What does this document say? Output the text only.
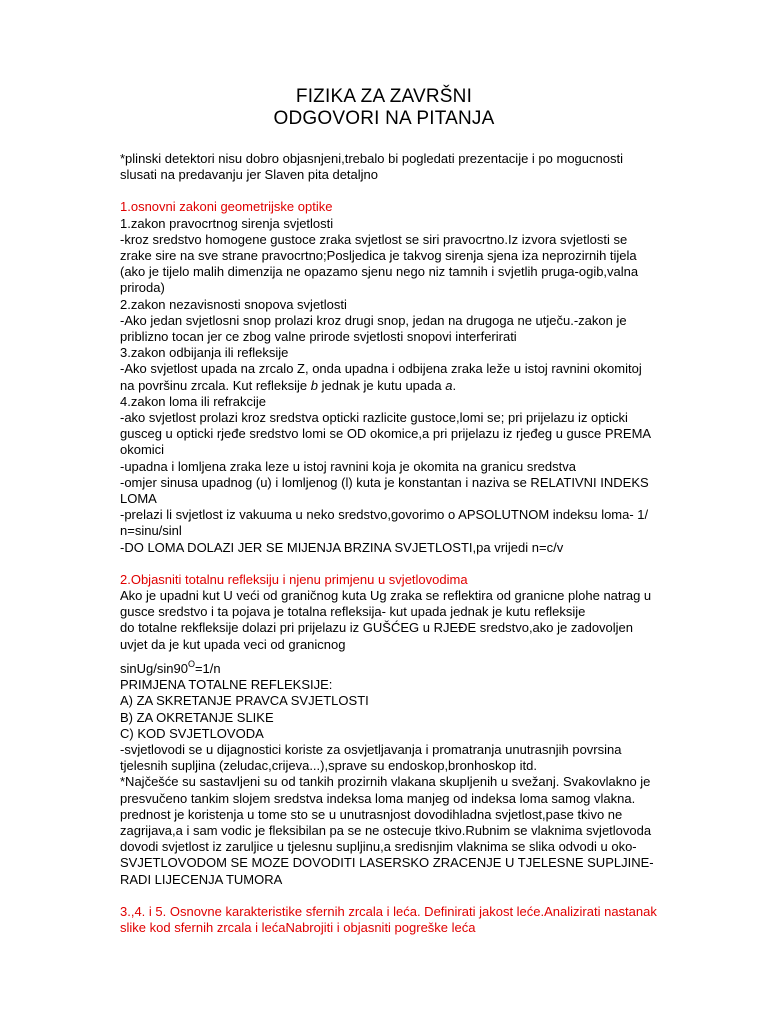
FIZIKA ZA ZAVRŠNI
ODGOVORI NA PITANJA
*plinski detektori nisu dobro objasnjeni,trebalo bi pogledati prezentacije i po mogucnosti
slusati na predavanju jer Slaven pita detaljno
1.osnovni zakoni geometrijske optike
1.zakon pravocrtnog sirenja svjetlosti
-kroz sredstvo homogene gustoce zraka svjetlost se siri pravocrtno.Iz izvora svjetlosti se
zrake sire na sve strane pravocrtno;Posljedica je takvog sirenja sjena iza neprozirnih tijela
(ako je tijelo malih dimenzija ne opazamo sjenu nego niz tamnih i svjetlih pruga-ogib,valna
priroda)
2.zakon nezavisnosti snopova svjetlosti
-Ako jedan svjetlosni snop prolazi kroz drugi snop, jedan na drugoga ne utječu.-zakon je
priblizno tocan jer ce zbog valne prirode svjetlosti snopovi interferirati
3.zakon odbijanja ili refleksije
-Ako svjetlost upada na zrcalo Z, onda upadna i odbijena zraka leže u istoj ravnini okomitoj
na površinu zrcala. Kut refleksije b jednak je kutu upada a.
4.zakon loma ili refrakcije
-ako svjetlost prolazi kroz sredstva opticki razlicite gustoce,lomi se; pri prijelazu iz opticki
gusceg u opticki rjeđe sredstvo lomi se OD okomice,a pri prijelazu iz rjeđeg u gusce PREMA
okomici
-upadna i lomljena zraka leze u istoj ravnini koja je okomita na granicu sredstva
-omjer sinusa upadnog (u) i lomljenog (l) kuta je konstantan i naziva se RELATIVNI INDEKS
LOMA
-prelazi li svjetlost iz vakuuma u neko sredstvo,govorimo o APSOLUTNOM indeksu loma- 1/
n=sinu/sinl
-DO LOMA DOLAZI JER SE MIJENJA BRZINA SVJETLOSTI,pa vrijedi n=c/v
2.Objasniti totalnu refleksiju i njenu primjenu u svjetlovodima
Ako je upadni kut U veći od graničnog kuta Ug zraka se reflektira od granicne plohe natrag u
gusce sredstvo i ta pojava je totalna refleksija- kut upada jednak je kutu refleksije
do totalne rekfleksije dolazi pri prijelazu iz GUŠĆEG u RJEĐE sredstvo,ako je zadovoljen
uvjet da je kut upada veci od granicnog
sinUg/$\sin 90^O=1/n$
PRIMJENA TOTALNE REFLEKSIJE:
A) ZA SKRETANJE PRAVCA SVJETLOSTI
B) ZA OKRETANJE SLIKE
C) KOD SVJETLOVODA
-svjetlovodi se u dijagnostici koriste za osvjetljavanja i promatranja unutrasnjih povrsina
tjelesnih supljina (zeludac,crijeva...),sprave su endoskop,bronhoskop itd.
*Najčešće su sastavljeni su od tankih prozirnih vlakana skupljenih u svežanj. Svakovlakno je
presvučeno tankim slojem sredstva indeksa loma manjeg od indeksa loma samog vlakna.
prednost je koristenja u tome sto se u unutrasnjost dovodihladna svjetlost,pase tkivo ne
zagrijava,a i sam vodic je fleksibilan pa se ne ostecuje tkivo.Rubnim se vlaknima svjetlovoda
dovodi svjetlost iz zaruljice u tjelesnu supljinu,a sredisnjim vlaknima se slika odvodi u oko-
SVJETLOVODOM SE MOZE DOVODITI LASERSKO ZRACENJE U TJELESNE SUPLJINE-
RADI LIJECENJA TUMORA
3.,4. i 5. Osnovne karakteristike sfernih zrcala i leća. Definirati jakost leće.Analizirati nastanak
slike kod sfernih zrcala i lećaNabrojiti i objasniti pogreške leća
